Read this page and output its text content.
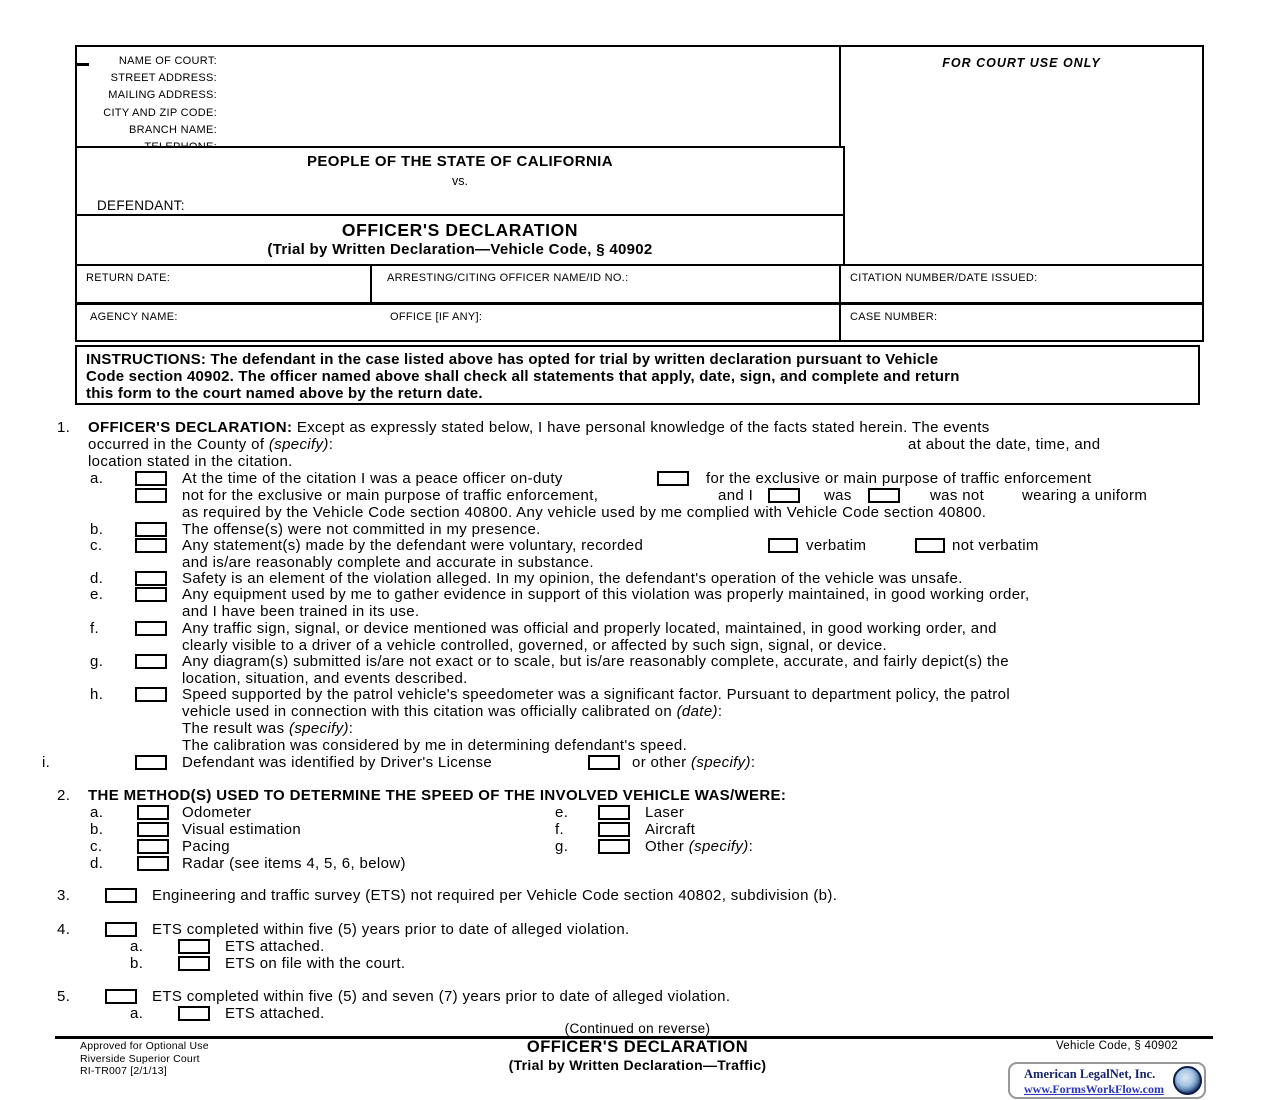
NAME OF COURT:
STREET ADDRESS:
MAILING ADDRESS:
CITY AND ZIP CODE:
BRANCH NAME:
FOR COURT USE ONLY
PEOPLE OF THE STATE OF CALIFORNIA
vs.
DEFENDANT:
OFFICER'S DECLARATION
(Trial by Written Declaration—Vehicle Code, § 40902
RETURN DATE:	ARRESTING/CITING OFFICER NAME/ID NO.:	CITATION NUMBER/DATE ISSUED:
AGENCY NAME:	OFFICE [IF ANY]:	CASE NUMBER:
INSTRUCTIONS: The defendant in the case listed above has opted for trial by written declaration pursuant to Vehicle
Code section 40902. The officer named above shall check all statements that apply, date, sign, and complete and return
this form to the court named above by the return date.
1. OFFICER'S DECLARATION: Except as expressly stated below, I have personal knowledge of the facts stated herein. The events
occurred in the County of (specify):	at about the date, time, and
location stated in the citation.
a.	At the time of the citation I was a peace officer on-duty	for the exclusive or main purpose of traffic enforcement
not for the exclusive or main purpose of traffic enforcement,	and I	was	was not	wearing a uniform
as required by the Vehicle Code section 40800. Any vehicle used by me complied with Vehicle Code section 40800.
b.	The offense(s) were not committed in my presence.
c.	Any statement(s) made by the defendant were voluntary, recorded	verbatim	not verbatim
and is/are reasonably complete and accurate in substance.
d.	Safety is an element of the violation alleged. In my opinion, the defendant's operation of the vehicle was unsafe.
e.	Any equipment used by me to gather evidence in support of this violation was properly maintained, in good working order,
and I have been trained in its use.
f.	Any traffic sign, signal, or device mentioned was official and properly located, maintained, in good working order, and
clearly visible to a driver of a vehicle controlled, governed, or affected by such sign, signal, or device.
g.	Any diagram(s) submitted is/are not exact or to scale, but is/are reasonably complete, accurate, and fairly depict(s) the
location, situation, and events described.
h.	Speed supported by the patrol vehicle's speedometer was a significant factor. Pursuant to department policy, the patrol
vehicle used in connection with this citation was officially calibrated on (date):
The result was (specify):
The calibration was considered by me in determining defendant's speed.
i.	Defendant was identified by Driver's License	or other (specify):
2. THE METHOD(S) USED TO DETERMINE THE SPEED OF THE INVOLVED VEHICLE WAS/WERE:
a.	Odometer	e.	Laser
b.	Visual estimation	f.	Aircraft
c.	Pacing	g.	Other (specify):
d.	Radar (see items 4, 5, 6, below)
3.	Engineering and traffic survey (ETS) not required per Vehicle Code section 40802, subdivision (b).
4.	ETS completed within five (5) years prior to date of alleged violation.
a.	ETS attached.
b.	ETS on file with the court.
5.	ETS completed within five (5) and seven (7) years prior to date of alleged violation.
a.	ETS attached.
(Continued on reverse)
Approved for Optional Use
Riverside Superior Court
RI-TR007 [2/1/13]
OFFICER'S DECLARATION
(Trial by Written Declaration—Traffic)
Vehicle Code, § 40902
American LegalNet, Inc.
www.FormsWorkFlow.com
